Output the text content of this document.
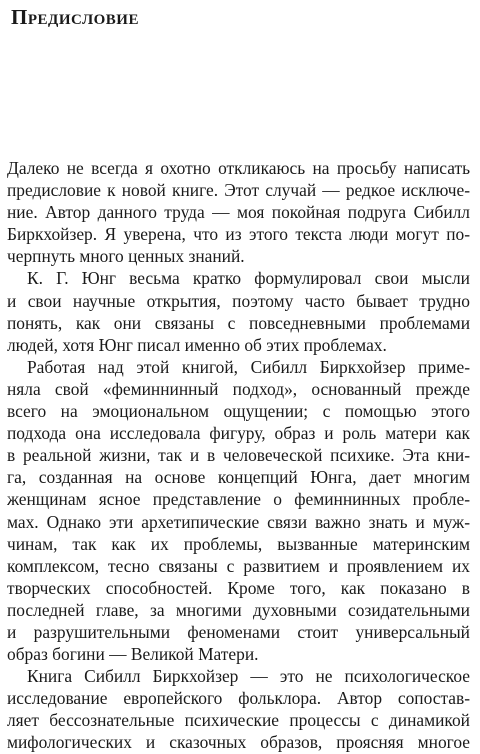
Предисловие
Далеко не всегда я охотно откликаюсь на просьбу написать
предисловие к новой книге. Этот случай — редкое исключе-
ние. Автор данного труда — моя покойная подруга Сибилл
Биркхойзер. Я уверена, что из этого текста люди могут по-
черпнуть много ценных знаний.
К. Г. Юнг весьма кратко формулировал свои мысли
и свои научные открытия, поэтому часто бывает трудно
понять, как они связаны с повседневными проблемами
людей, хотя Юнг писал именно об этих проблемах.
Работая над этой книгой, Сибилл Биркхойзер приме-
няла свой «феминнинный подход», основанный прежде
всего на эмоциональном ощущении; с помощью этого
подхода она исследовала фигуру, образ и роль матери как
в реальной жизни, так и в человеческой психике. Эта кни-
га, созданная на основе концепций Юнга, дает многим
женщинам ясное представление о феминнинных пробле-
мах. Однако эти архетипические связи важно знать и муж-
чинам, так как их проблемы, вызванные материнским
комплексом, тесно связаны с развитием и проявлением их
творческих способностей. Кроме того, как показано в
последней главе, за многими духовными созидательными
и разрушительными феноменами стоит универсальный
образ богини — Великой Матери.
Книга Сибилл Биркхойзер — это не психологическое
исследование европейского фольклора. Автор сопостав-
ляет бессознательные психические процессы с динамикой
мифологических и сказочных образов, проясняя многое
